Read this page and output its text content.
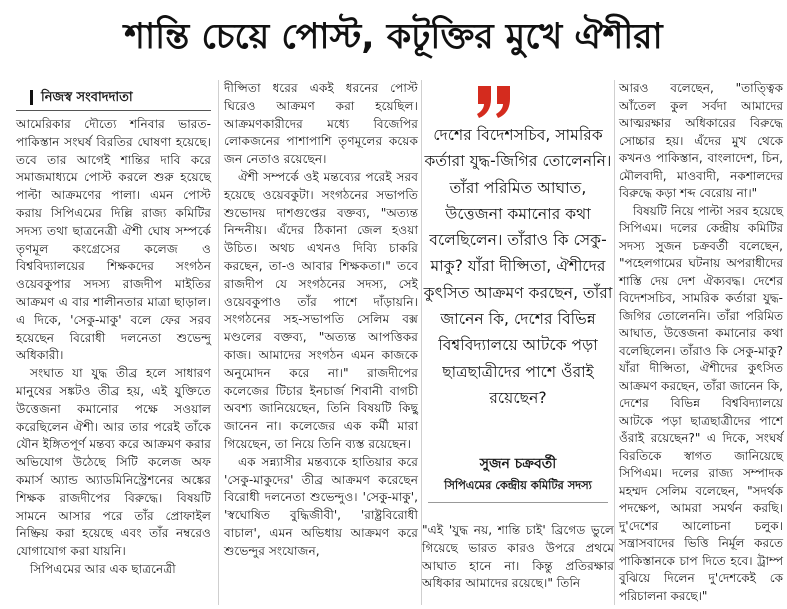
শান্তি চেয়ে পোস্ট, কটূক্তির মুখে ঐশীরা
নিজস্ব সংবাদদাতা

আমেরিকার দৌত্যে শনিবার ভারত-পাকিস্তান সংঘর্ষ বিরতির ঘোষণা হয়েছে। তবে তার আগেই শান্তির দাবি করে সমাজমাধ্যমে পোস্ট করলে শুরু হয়েছে পাল্টা আক্রমণের পালা। এমন পোস্ট করায় সিপিএমের দিল্লি রাজ্য কমিটির সদস্য তথা ছাত্রনেত্রী ঐশী ঘোষ সম্পর্কে তৃণমূল কংগ্রেসের কলেজ ও বিশ্ববিদ্যালয়ের শিক্ষকদের সংগঠন ওয়েবকুপার সদস্য রাজদীপ মাইতির আক্রমণ এ বার শালীনতার মাত্রা ছাড়াল। এ দিকে, 'সেকু-মাকু' বলে ফের সরব হয়েছেন বিরোধী দলনেতা শুভেন্দু অধিকারী।

সংঘাত যা যুদ্ধ তীব্র হলে সাধারণ মানুষের সঙ্কটও তীব্র হয়, এই যুক্তিতে উত্তেজনা কমানোর পক্ষে সওয়াল করেছিলেন ঐশী। আর তার পরেই তাঁকে যৌন ইঙ্গিতপূর্ণ মন্তব্য করে আক্রমণ করার অভিযোগ উঠেছে সিটি কলেজ অফ কমার্স অ্যান্ড অ্যাডমিনিস্ট্রেশনের অঙ্কের শিক্ষক রাজদীপের বিরুদ্ধে। বিষয়টি সামনে আসার পরে তাঁর প্রোফাইল নিষ্ক্রিয় করা হয়েছে এবং তাঁর নম্বরেও যোগাযোগ করা যায়নি।

সিপিএমের আর এক ছাত্রনেত্রী

দীপ্সিতা ধরের একই ধরনের পোস্ট ঘিরেও আক্রমণ করা হয়েছিল। আক্রমণকারীদের মধ্যে বিজেপির লোকজনের পাশাপাশি তৃণমূলের কয়েক জন নেতাও রয়েছেন।

ঐশী সম্পর্কে ওই মন্তব্যের পরেই সরব হয়েছে ওয়েবকুটা। সংগঠনের সভাপতি শুভোদয় দাশগুপ্তের বক্তব্য, "অত্যন্ত নিন্দনীয়। এঁদের ঠিকানা জেল হওয়া উচিত। অথচ এখনও দিব্যি চাকরি করছেন, তা-ও আবার শিক্ষকতা।" তবে রাজদীপ যে সংগঠনের সদস্য, সেই ওয়েবকুপাও তাঁর পাশে দাঁড়ায়নি। সংগঠনের সহ-সভাপতি সেলিম বক্স মণ্ডলের বক্তব্য, "অত্যন্ত আপত্তিকর কাজ। আমাদের সংগঠন এমন কাজকে অনুমোদন করে না।" রাজদীপের কলেজের টিচার ইনচার্জ শিবানী বাগচী অবশ্য জানিয়েছেন, তিনি বিষয়টি কিছু জানেন না। কলেজের এক কর্মী মারা গিয়েছেন, তা নিয়ে তিনি ব্যস্ত রয়েছেন।

এক সন্ন্যাসীর মন্তব্যকে হাতিয়ার করে 'সেকু-মাকুদের' তীব্র আক্রমণ করেছেন বিরোধী দলনেতা শুভেন্দুও। 'সেকু-মাকু', 'স্বঘোষিত বুদ্ধিজীবী', 'রাষ্ট্রবিরোধী বাচাল', এমন অভিধায় আক্রমণ করে শুভেন্দুর সংযোজন,

দেশের বিদেশসচিব, সামরিক কর্তারা যুদ্ধ-জিগির তোলেননি। তাঁরা পরিমিত আঘাত, উত্তেজনা কমানোর কথা বলেছিলেন। তাঁরাও কি সেকু-মাকু? যাঁরা দীপ্সিতা, ঐশীদের কুৎসিত আক্রমণ করছেন, তাঁরা জানেন কি, দেশের বিভিন্ন বিশ্ববিদ্যালয়ে আটকে পড়া ছাত্রছাত্রীদের পাশে ওঁরাই রয়েছেন?
সুজন চক্রবর্তী
সিপিএমের কেন্দ্রীয় কমিটির সদস্য

"এই 'যুদ্ধ নয়, শান্তি চাই' ব্রিগেড ভুলে গিয়েছে ভারত কারও উপরে প্রথমে আঘাত হানে না। কিন্তু প্রতিরক্ষার অধিকার আমাদের রয়েছে।" তিনি

আরও বলেছেন, "তাত্ত্বিক আঁতেল কুল সর্বদা আমাদের আত্মরক্ষার অধিকারের বিরুদ্ধে সোচ্চার হয়। এঁদের মুখ থেকে কখনও পাকিস্তান, বাংলাদেশ, চিন, মৌলবাদী, মাওবাদী, নকশালদের বিরুদ্ধে কড়া শব্দ বেরোয় না।"

বিষয়টি নিয়ে পাল্টা সরব হয়েছে সিপিএম। দলের কেন্দ্রীয় কমিটির সদস্য সুজন চক্রবর্তী বলেছেন, "পহেলগামের ঘটনায় অপরাধীদের শাস্তি দেয় দেশ ঐক্যবদ্ধ। দেশের বিদেশসচিব, সামরিক কর্তারা যুদ্ধ-জিগির তোলেননি। তাঁরা পরিমিত আঘাত, উত্তেজনা কমানোর কথা বলেছিলেন। তাঁরাও কি সেকু-মাকু? যাঁরা দীপ্সিতা, ঐশীদের কুৎসিত আক্রমণ করছেন, তাঁরা জানেন কি, দেশের বিভিন্ন বিশ্ববিদ্যালয়ে আটকে পড়া ছাত্রছাত্রীদের পাশে ওঁরাই রয়েছেন?" এ দিকে, সংঘর্ষ বিরতিকে স্বাগত জানিয়েছে সিপিএম। দলের রাজ্য সম্পাদক মহম্মদ সেলিম বলেছেন, "সদর্থক পদক্ষেপ, আমরা সমর্থন করছি। দু'দেশের আলোচনা চলুক। সন্ত্রাসবাদের ভিত্তি নির্মূল করতে পাকিস্তানকে চাপ দিতে হবে। ট্রাম্প বুঝিয়ে দিলেন দু'দেশকেই কে পরিচালনা করছে।"
